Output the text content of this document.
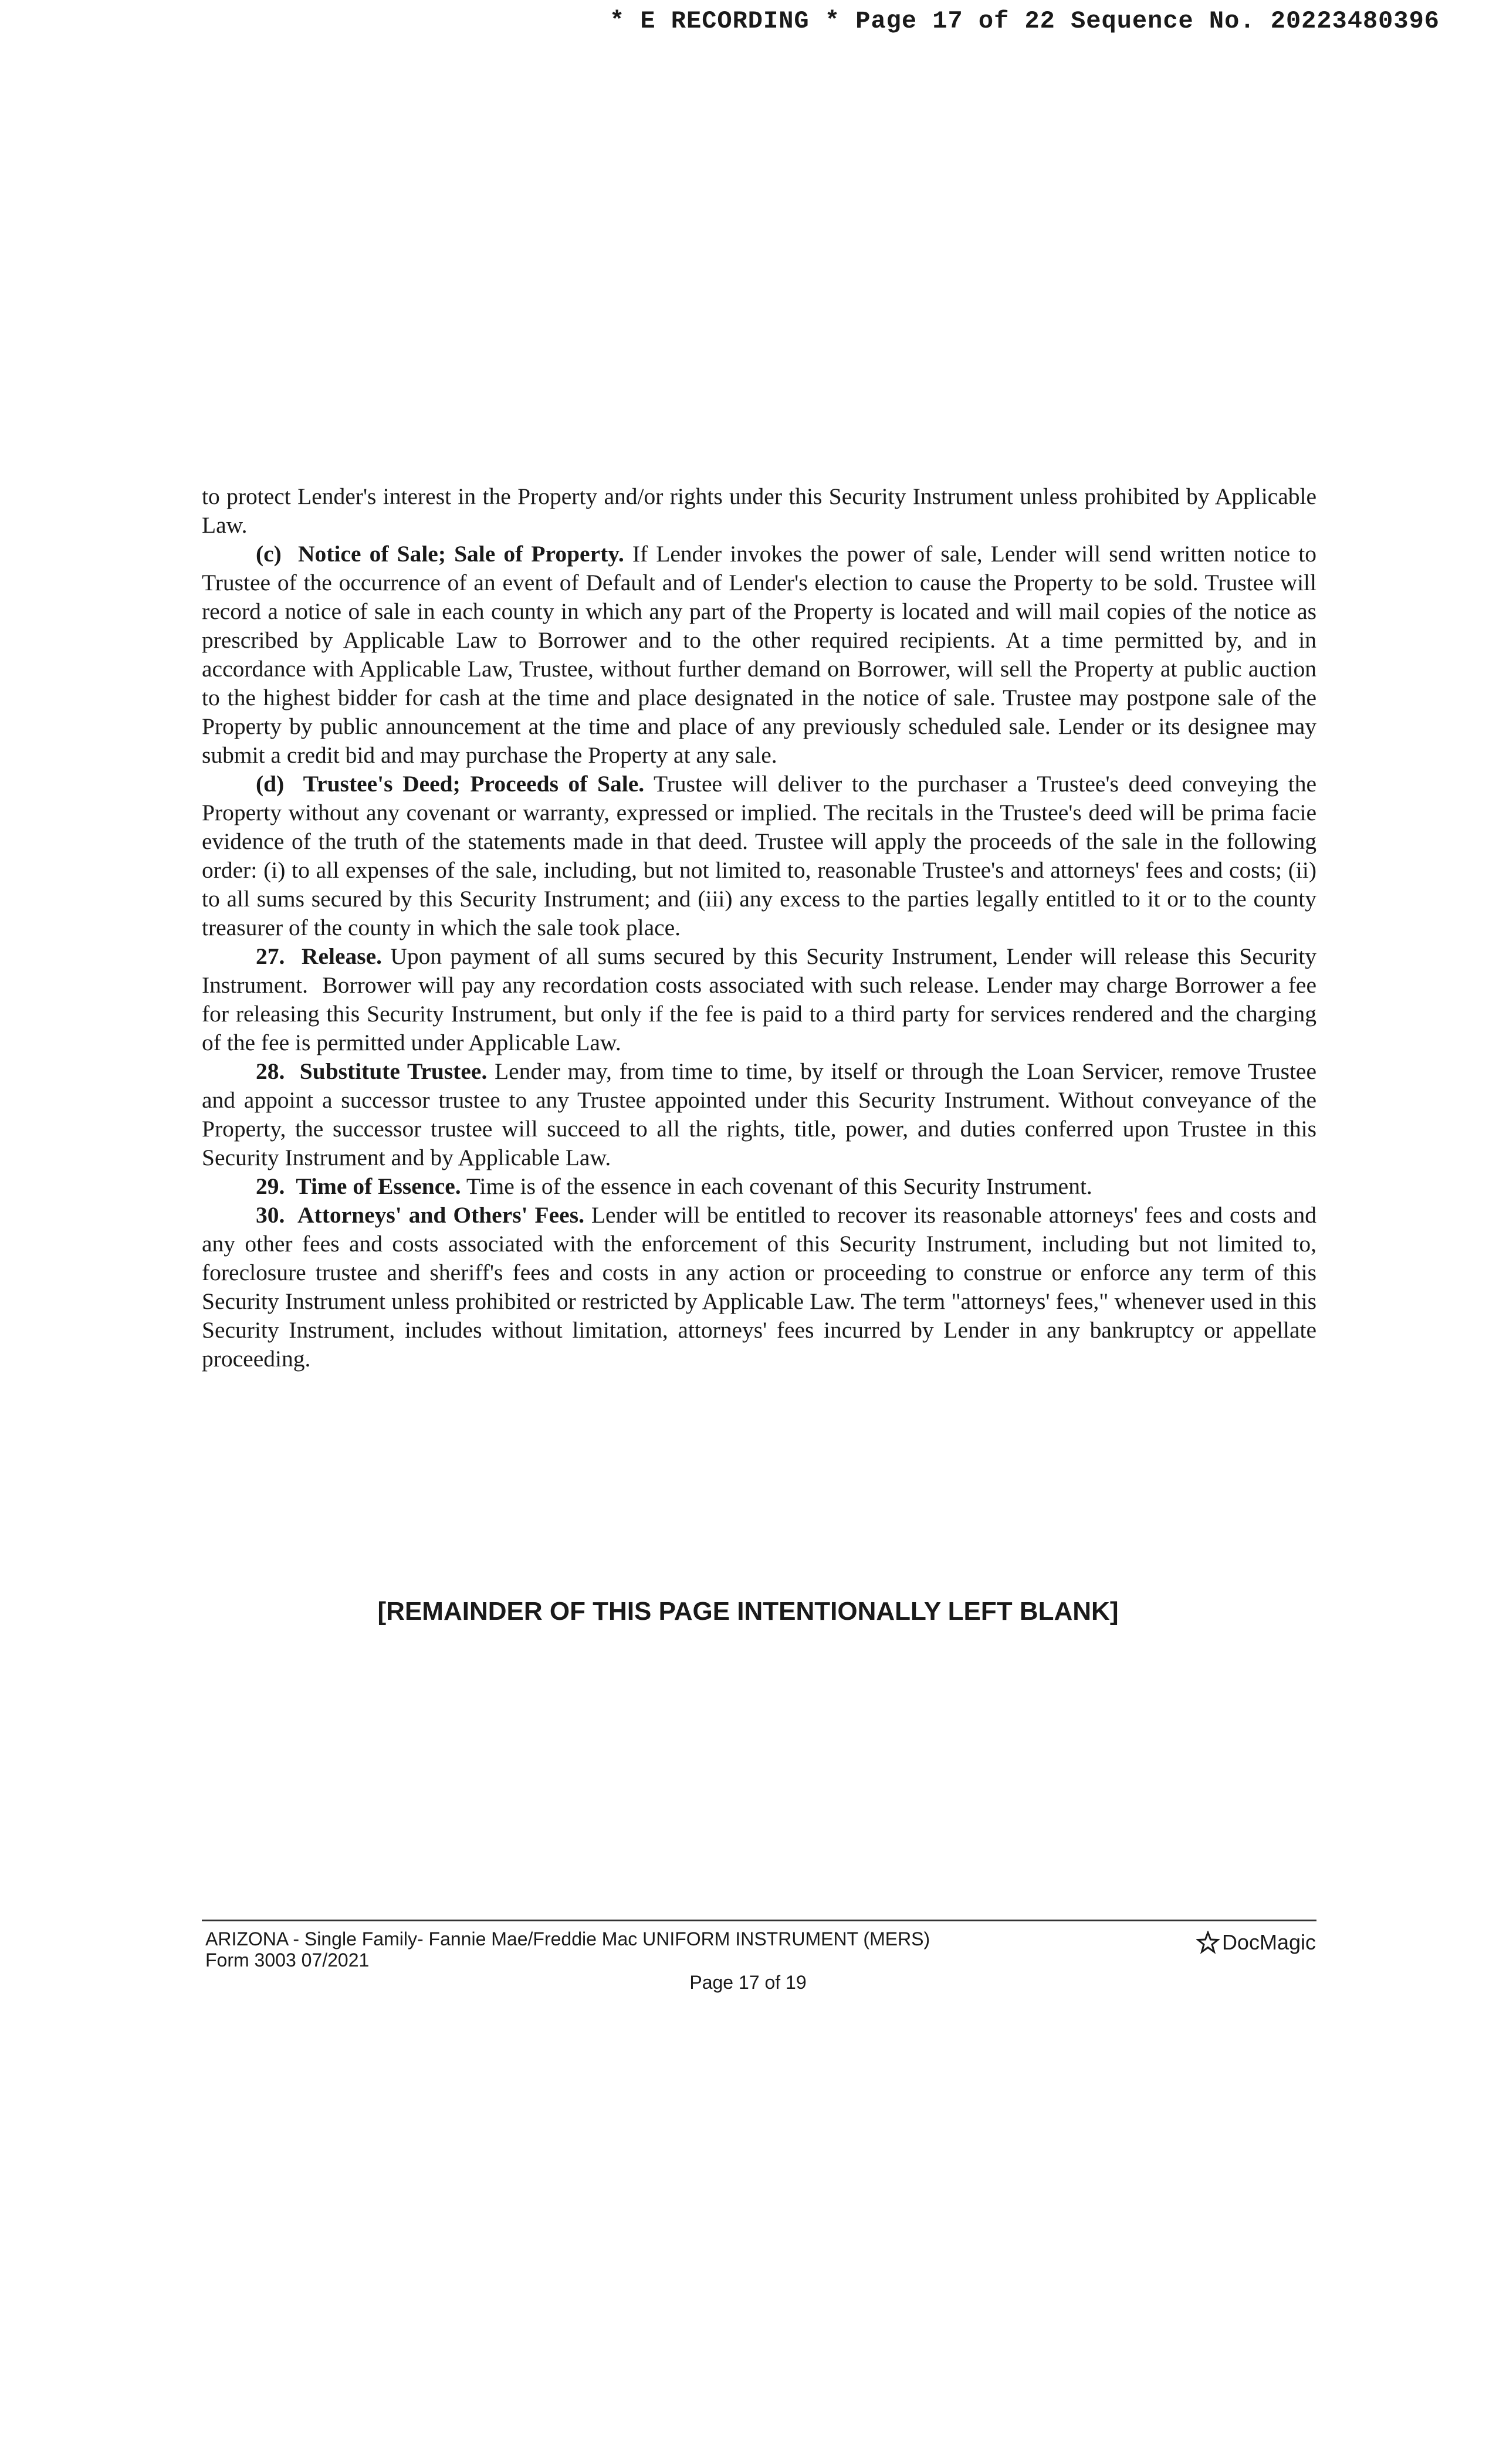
* E RECORDING * Page 17 of 22 Sequence No. 20223480396

to protect Lender's interest in the Property and/or rights under this Security Instrument unless prohibited by Applicable Law.

(c)  Notice of Sale; Sale of Property. If Lender invokes the power of sale, Lender will send written notice to Trustee of the occurrence of an event of Default and of Lender's election to cause the Property to be sold. Trustee will record a notice of sale in each county in which any part of the Property is located and will mail copies of the notice as prescribed by Applicable Law to Borrower and to the other required recipients. At a time permitted by, and in accordance with Applicable Law, Trustee, without further demand on Borrower, will sell the Property at public auction to the highest bidder for cash at the time and place designated in the notice of sale. Trustee may postpone sale of the Property by public announcement at the time and place of any previously scheduled sale. Lender or its designee may submit a credit bid and may purchase the Property at any sale.

(d)  Trustee's Deed; Proceeds of Sale. Trustee will deliver to the purchaser a Trustee's deed conveying the Property without any covenant or warranty, expressed or implied. The recitals in the Trustee's deed will be prima facie evidence of the truth of the statements made in that deed. Trustee will apply the proceeds of the sale in the following order: (i) to all expenses of the sale, including, but not limited to, reasonable Trustee's and attorneys' fees and costs; (ii) to all sums secured by this Security Instrument; and (iii) any excess to the parties legally entitled to it or to the county treasurer of the county in which the sale took place.

27.  Release. Upon payment of all sums secured by this Security Instrument, Lender will release this Security Instrument.  Borrower will pay any recordation costs associated with such release. Lender may charge Borrower a fee for releasing this Security Instrument, but only if the fee is paid to a third party for services rendered and the charging of the fee is permitted under Applicable Law.

28.  Substitute Trustee. Lender may, from time to time, by itself or through the Loan Servicer, remove Trustee and appoint a successor trustee to any Trustee appointed under this Security Instrument. Without conveyance of the Property, the successor trustee will succeed to all the rights, title, power, and duties conferred upon Trustee in this Security Instrument and by Applicable Law.

29.  Time of Essence. Time is of the essence in each covenant of this Security Instrument.

30.  Attorneys' and Others' Fees. Lender will be entitled to recover its reasonable attorneys' fees and costs and any other fees and costs associated with the enforcement of this Security Instrument, including but not limited to, foreclosure trustee and sheriff's fees and costs in any action or proceeding to construe or enforce any term of this Security Instrument unless prohibited or restricted by Applicable Law. The term "attorneys' fees," whenever used in this Security Instrument, includes without limitation, attorneys' fees incurred by Lender in any bankruptcy or appellate proceeding.

[REMAINDER OF THIS PAGE INTENTIONALLY LEFT BLANK]
ARIZONA - Single Family- Fannie Mae/Freddie Mac UNIFORM INSTRUMENT (MERS)
Form 3003 07/2021
DocMagic
Page 17 of 19
